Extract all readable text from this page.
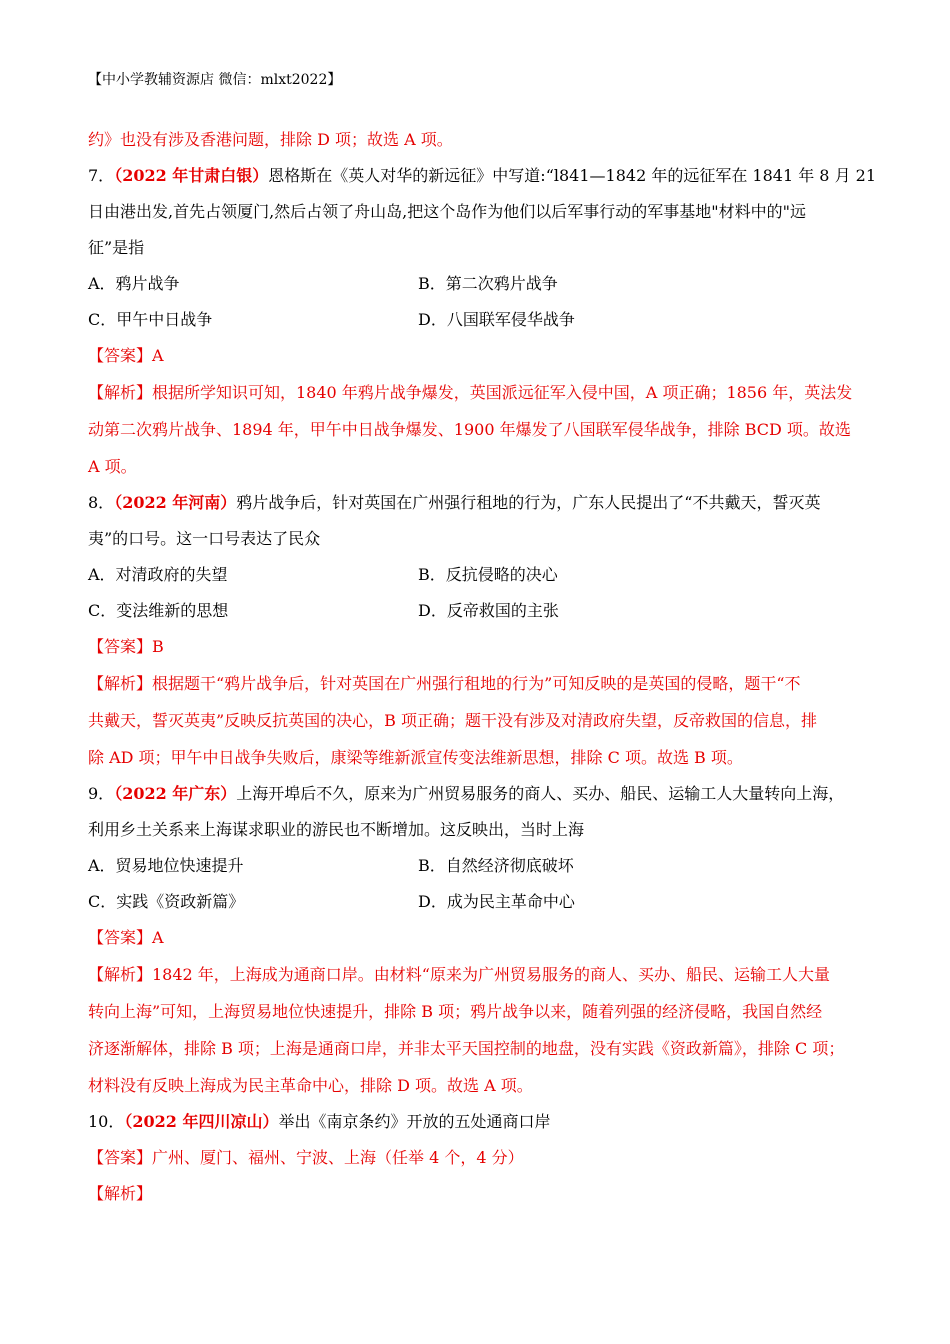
【中小学教辅资源店 微信：mlxt2022】
约》也没有涉及香港问题，排除 D 项；故选 A 项。
7．（2022 年甘肃白银）恩格斯在《英人对华的新远征》中写道:“l841—1842 年的远征军在 1841 年 8 月 21
日由港出发,首先占领厦门,然后占领了舟山岛,把这个岛作为他们以后军事行动的军事基地"材料中的"远
征”是指
A．鸦片战争	B．第二次鸦片战争
C．甲午中日战争	D．八国联军侵华战争
【答案】A
【解析】根据所学知识可知，1840 年鸦片战争爆发，英国派远征军入侵中国，A 项正确；1856 年，英法发
动第二次鸦片战争、1894 年，甲午中日战争爆发、1900 年爆发了八国联军侵华战争，排除 BCD 项。故选
A 项。
8．（2022 年河南）鸦片战争后，针对英国在广州强行租地的行为，广东人民提出了“不共戴天，誓灭英
夷”的口号。这一口号表达了民众
A．对清政府的失望	B．反抗侵略的决心
C．变法维新的思想	D．反帝救国的主张
【答案】B
【解析】根据题干“鸦片战争后，针对英国在广州强行租地的行为”可知反映的是英国的侵略，题干“不
共戴天，誓灭英夷”反映反抗英国的决心，B 项正确；题干没有涉及对清政府失望，反帝救国的信息，排
除 AD 项；甲午中日战争失败后，康梁等维新派宣传变法维新思想，排除 C 项。故选 B 项。
9．（2022 年广东）上海开埠后不久，原来为广州贸易服务的商人、买办、船民、运输工人大量转向上海，
利用乡土关系来上海谋求职业的游民也不断增加。这反映出，当时上海
A．贸易地位快速提升	B．自然经济彻底破坏
C．实践《资政新篇》	D．成为民主革命中心
【答案】A
【解析】1842 年，上海成为通商口岸。由材料“原来为广州贸易服务的商人、买办、船民、运输工人大量
转向上海”可知，上海贸易地位快速提升，排除 B 项；鸦片战争以来，随着列强的经济侵略，我国自然经
济逐渐解体，排除 B 项；上海是通商口岸，并非太平天国控制的地盘，没有实践《资政新篇》，排除 C 项；
材料没有反映上海成为民主革命中心，排除 D 项。故选 A 项。
10．（2022 年四川凉山）举出《南京条约》开放的五处通商口岸
【答案】广州、厦门、福州、宁波、上海（任举 4 个，4 分）
【解析】
